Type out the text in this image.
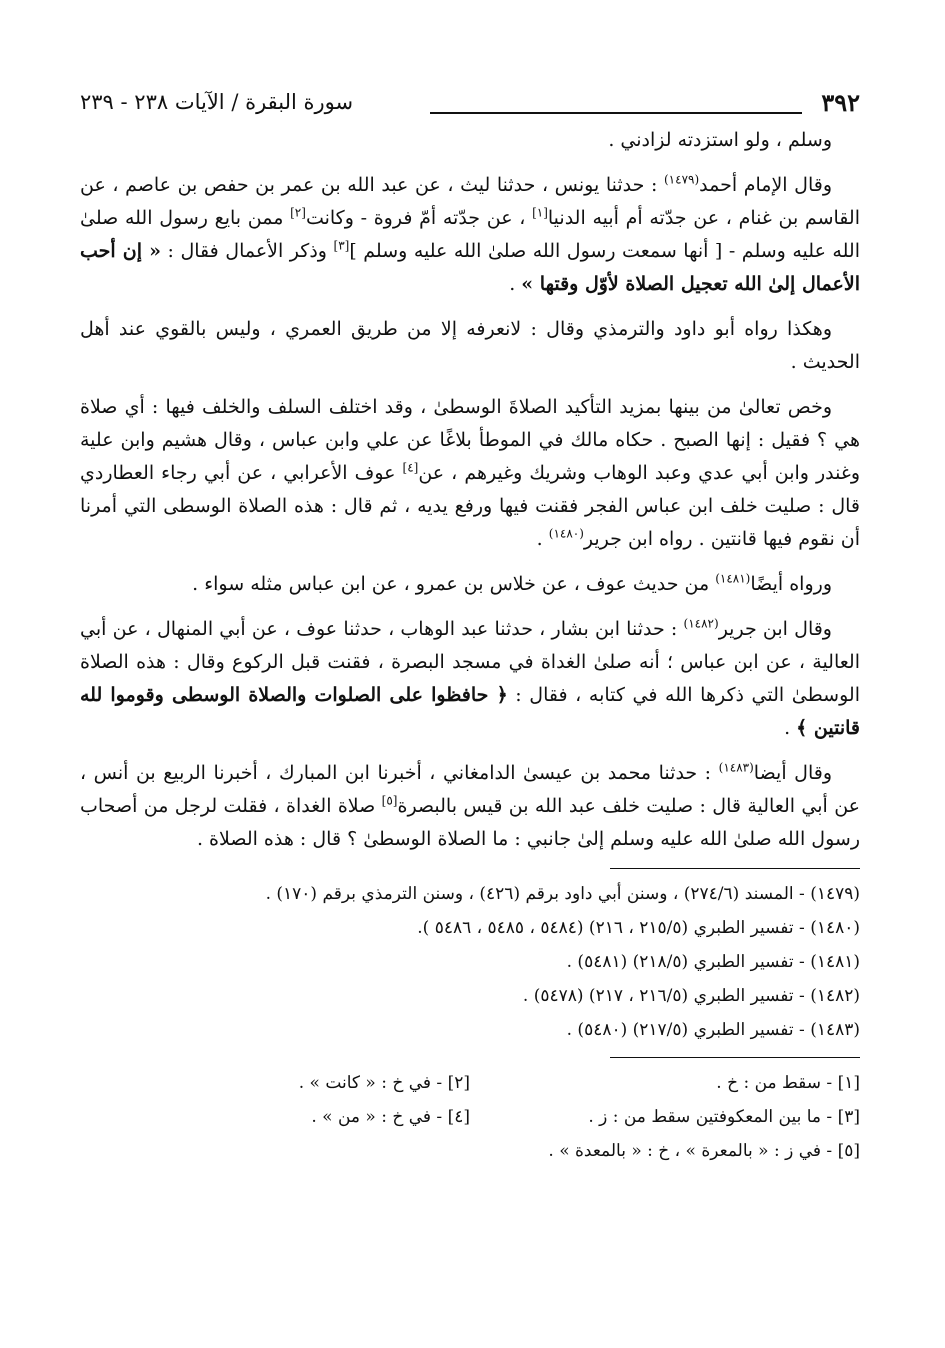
٣٩٢
سورة البقرة / الآيات ٢٣٨ - ٢٣٩

وسلم ، ولو استزدته لزادني .

وقال الإمام أحمد$^{(١٤٧٩)}$ : حدثنا يونس ، حدثنا ليث ، عن عبد الله بن عمر بن حفص بن عاصم ، عن القاسم بن غنام ، عن جدّته أم أبيه الدنيا[١] ، عن جدّته أمّ فروة - وكانت[٢] ممن بايع رسول الله صلىٰ الله عليه وسلم - [ أنها سمعت رسول الله صلىٰ الله عليه وسلم ][٣] وذكر الأعمال فقال : « إن أحب الأعمال إلىٰ الله تعجيل الصلاة لأوّل وقتها » .

وهكذا رواه أبو داود والترمذي وقال : لانعرفه إلا من طريق العمري ، وليس بالقوي عند أهل الحديث .

وخص تعالىٰ من بينها بمزيد التأكيد الصلاةَ الوسطىٰ ، وقد اختلف السلف والخلف فيها : أي صلاة هي ؟ فقيل : إنها الصبح . حكاه مالك في الموطأ بلاغًا عن علي وابن عباس ، وقال هشيم وابن علية وغندر وابن أبي عدي وعبد الوهاب وشريك وغيرهم ، عن[٤] عوف الأعرابي ، عن أبي رجاء العطاردي قال : صليت خلف ابن عباس الفجر فقنت فيها ورفع يديه ، ثم قال : هذه الصلاة الوسطى التي أمرنا أن نقوم فيها قانتين . رواه ابن جرير$^{(١٤٨٠)}$ .

ورواه أيضًا$^{(١٤٨١)}$ من حديث عوف ، عن خلاس بن عمرو ، عن ابن عباس مثله سواء .

وقال ابن جرير$^{(١٤٨٢)}$ : حدثنا ابن بشار ، حدثنا عبد الوهاب ، حدثنا عوف ، عن أبي المنهال ، عن أبي العالية ، عن ابن عباس ؛ أنه صلىٰ الغداة في مسجد البصرة ، فقنت قبل الركوع وقال : هذه الصلاة الوسطىٰ التي ذكرها الله في كتابه ، فقال : ﴿ حافظوا على الصلوات والصلاة الوسطى وقوموا لله قانتين ﴾ .

وقال أيضا$^{(١٤٨٣)}$ : حدثنا محمد بن عيسىٰ الدامغاني ، أخبرنا ابن المبارك ، أخبرنا الربيع بن أنس ، عن أبي العالية قال : صليت خلف عبد الله بن قيس بالبصرة[٥] صلاة الغداة ، فقلت لرجل من أصحاب رسول الله صلىٰ الله عليه وسلم إلىٰ جانبي : ما الصلاة الوسطىٰ ؟ قال : هذه الصلاة .

(١٤٧٩) - المسند (٢٧٤/٦) ، وسنن أبي داود برقم (٤٢٦) ، وسنن الترمذي برقم (١٧٠) .

(١٤٨٠) - تفسير الطبري (٢١٥/٥ ، ٢١٦) (٥٤٨٤ ، ٥٤٨٥ ، ٥٤٨٦ ).

(١٤٨١) - تفسير الطبري (٢١٨/٥) (٥٤٨١) .

(١٤٨٢) - تفسير الطبري (٢١٦/٥ ، ٢١٧) (٥٤٧٨) .

(١٤٨٣) - تفسير الطبري (٢١٧/٥) (٥٤٨٠) .

[١] - سقط من : خ .
[٢] - في خ : « كانت » .
[٣] - ما بين المعكوفتين سقط من : ز .
[٤] - في خ : « من » .
[٥] - في ز : « بالمعرة » ، خ : « بالمعدة » .
